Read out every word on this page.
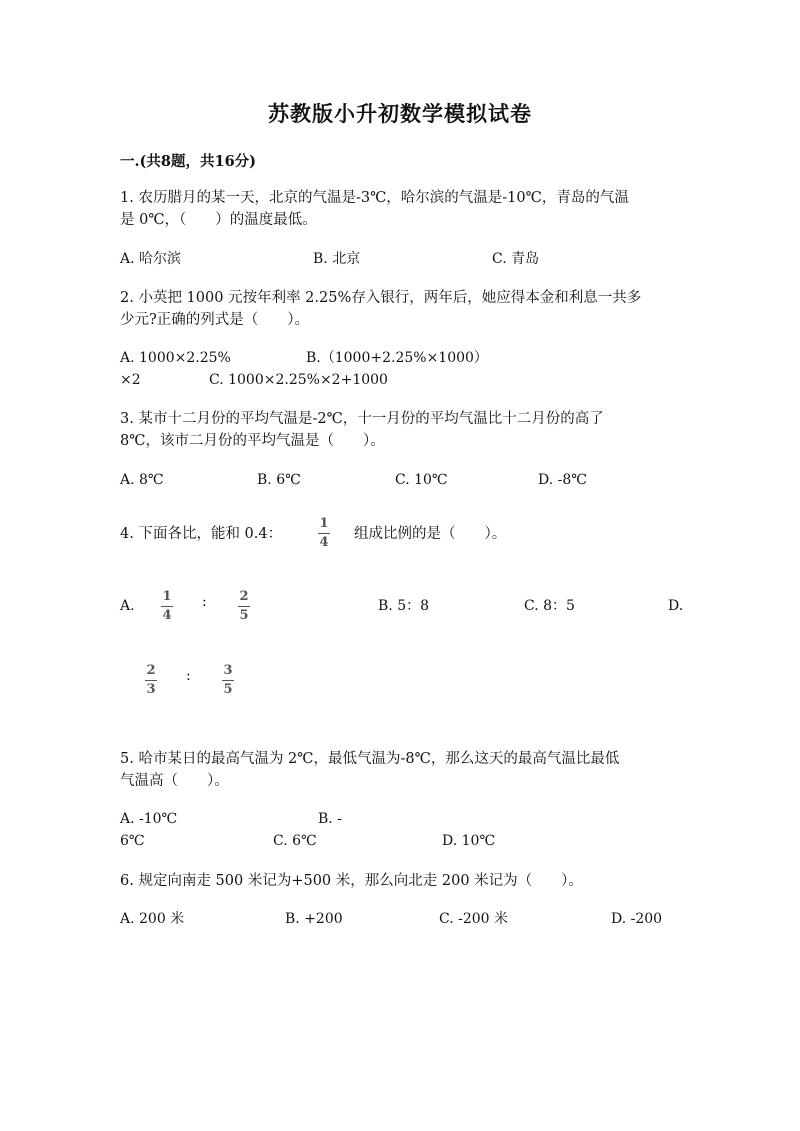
苏教版小升初数学模拟试卷
一.(共8题，共16分)
1. 农历腊月的某一天，北京的气温是-3℃，哈尔滨的气温是-10℃，青岛的气温
是 0℃，（　　）的温度最低。
A. 哈尔滨	B. 北京	C. 青岛
2. 小英把 1000 元按年利率 2.25%存入银行，两年后，她应得本金和利息一共多
少元?正确的列式是（　　）。
A. 1000×2.25%	B.（1000+2.25%×1000）
×2	C. 1000×2.25%×2+1000
3. 某市十二月份的平均气温是-2℃，十一月份的平均气温比十二月份的高了
8℃，该市二月份的平均气温是（　　）。
A. 8℃	B. 6℃	C. 10℃	D. -8℃
4. 下面各比，能和 0.4：
1
4
组成比例的是（　　）。
A.
1
4
:	2
5
B. 5：8	C. 8：5	D.
2
3
:	3
5
5. 哈市某日的最高气温为 2℃，最低气温为-8℃，那么这天的最高气温比最低
气温高（　　）。
A. -10℃	B. -
6℃	C. 6℃	D. 10℃
6. 规定向南走 500 米记为+500 米，那么向北走 200 米记为（　　）。
A. 200 米	B. +200	C. -200 米	D. -200
